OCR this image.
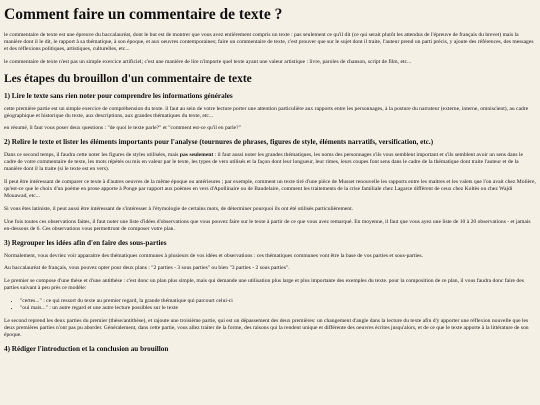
Comment faire un commentaire de texte ?

le commentaire de texte est une épreuve du baccalauréat, dont le but est de montrer que vous avez entièrement compris un texte : pas seulement ce qu'il dit (ce qui serait plutôt les attendus de l'épreuve de français du brevet) mais la manière dont il le dit, le rapport à sa thématique, à son époque, et aux oeuvres contemporaines; faire un commentaire de texte, c'est prouver que sur le sujet dont il traite, l'auteur prend un parti précis, y ajoute des références, des messages et des réflexions politiques, artistiques, culturelles, etc...

le commentaire de texte n'est pas un simple exercice artificiel; c'est une manière de lire n'importe quel texte ayant une valeur artistique : livre, paroles de chanson, script de film, etc...

Les étapes du brouillon d'un commentaire de texte
1) Lire le texte sans rien noter pour comprendre les informations générales

cette première partie est un simple exercice de compréhension du texte. il faut au sein de votre lecture porter une attention particulière aux rapports entre les personnages, à la posture du narrateur (externe, interne, omniscient), au cadre géographique et historique du texte, aux descriptions, aux grandes thématiques du texte, etc...

en résumé, il faut vous poser deux questions : "de quoi le texte parle?" et "comment est-ce qu'il en parle?"

2) Relire le texte et lister les éléments importants pour l'analyse (tournures de phrases, figures de style, éléments narratifs, versification, etc.)

Dans ce second temps, il faudra cette noter les figures de styles utilisées, mais pas seulement : il faut aussi noter les grandes thématiques, les noms des personnages s'ils vous semblent important et s'ils semblent avoir un sens dans le cadre de votre commentaire de texte, les mots répétés ou mis en valeur par le texte, les types de vers utilisés et la façon dont leur longueur, leur rimes, leurs coupes font sens dans le cadre de la thématique dont traite l'auteur et de la manière dont il la traite (si le texte est en vers).

Il peut être intéressant de comparer ce texte à d'autres oeuvres de la même époque ou antérieures ; par exemple, comment un texte tiré d'une pièce de Musset renouvelle les rapports entre les maitres et les valets que l'on avait chez Molière, qu'est-ce que le choix d'un poème en prose apporte à Ponge par rapport aux poèmes en vers d'Apollinaire ou de Baudelaire, comment les traitements de la crise familiale chez Lagarce diffèrent de ceux chez Koltès ou chez Wajdi Mouawad, etc...

Si vous êtes latiniste, il peut aussi être intéressant de s'intéresser à l'étymologie de certains mots, de déterminer pourquoi ils ont été utilisés particulièrement.

Une fois toutes ces observations faites, il faut noter une liste d'idées d'observations que vous pouvez faire sur le texte à partir de ce que vous avez remarqué. En moyenne, il faut que vous ayez une liste de 10 à 20 observations - et jamais en-dessous de 6. Ces observations vous permettront de composer votre plan.

3) Regrouper les idées afin d'en faire des sous-parties

Normalement, vous devriez voir apparaitre des thématiques communes à plusieurs de vos idées et observations : ces thématiques communes vont être la base de vos parties et sous-parties.

Au baccalauréat de français, vous pouvez opter pour deux plans : "2 parties - 3 sous parties" ou bien "3 parties - 2 sous parties".

Le premier se compose d'une thèse et d'une antithèse : c'est donc un plan plus simple, mais qui demande une utilisation plus large et plus importante des exemples du texte. pour la composition de ce plan, il vous faudra donc faire des parties suivant à peu près ce modèle:

• "certes..." : ce qui ressort du texte au premier regard, la grande thématique qui parcourt celui-ci
• "oui mais..." : un autre regard et une autre lecture possibles sur le texte

Le second reprend les deux parties du premier (thèse/antithèse), et rajoute une troisième partie, qui est un dépassement des deux premières: un changement d'angle dans la lecture du texte afin d'y apporter une réflexion nouvelle que les deux premières parties n'ont pas pu aborder. Généralement, dans cette partie, vous allez traiter de la forme, des raisons qui la rendent unique et différente des oeuvres écrites jusqu'alors, et de ce que le texte apporte à la littérature de son époque.

4) Rédiger l'introduction et la conclusion au brouillon
